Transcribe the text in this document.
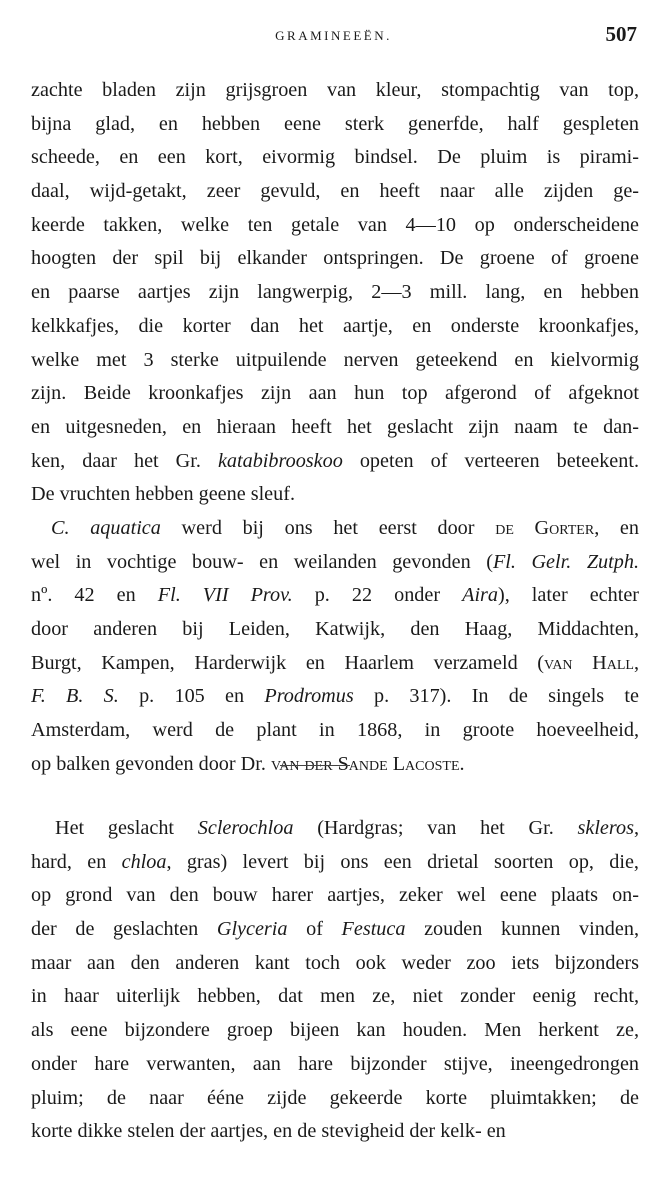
GRAMINEEËN.	507
zachte bladen zijn grijsgroen van kleur, stompachtig van top,
bijna glad, en hebben eene sterk generfde, half gespleten
scheede, en een kort, eivormig bindsel. De pluim is pirami-
daal, wijd-getakt, zeer gevuld, en heeft naar alle zijden ge-
keerde takken, welke ten getale van 4—10 op onderscheidene
hoogten der spil bij elkander ontspringen. De groene of groene
en paarse aartjes zijn langwerpig, 2—3 mill. lang, en hebben
kelkkafjes, die korter dan het aartje, en onderste kroonkafjes,
welke met 3 sterke uitpuilende nerven geteekend en kielvormig
zijn. Beide kroonkafjes zijn aan hun top afgerond of afgeknot
en uitgesneden, en hieraan heeft het geslacht zijn naam te dan-
ken, daar het Gr. katabibrooskoo opeten of verteeren beteekent.
De vruchten hebben geene sleuf.
C. aquatica werd bij ons het eerst door de Gorter, en
wel in vochtige bouw- en weilanden gevonden (Fl. Gelr. Zutph.
nº. 42 en Fl. VII Prov. p. 22 onder Aira), later echter
door anderen bij Leiden, Katwijk, den Haag, Middachten,
Burgt, Kampen, Harderwijk en Haarlem verzameld (van Hall,
F. B. S. p. 105 en Prodromus p. 317). In de singels te
Amsterdam, werd de plant in 1868, in groote hoeveelheid,
op balken gevonden door Dr. van der Sande Lacoste.
Het geslacht Sclerochloa (Hardgras; van het Gr. skleros,
hard, en chloa, gras) levert bij ons een drietal soorten op, die,
op grond van den bouw harer aartjes, zeker wel eene plaats on-
der de geslachten Glyceria of Festuca zouden kunnen vinden,
maar aan den anderen kant toch ook weder zoo iets bijzonders
in haar uiterlijk hebben, dat men ze, niet zonder eenig recht,
als eene bijzondere groep bijeen kan houden. Men herkent ze,
onder hare verwanten, aan hare bijzonder stijve, ineengedrongen
pluim; de naar ééne zijde gekeerde korte pluimtakken; de
korte dikke stelen der aartjes, en de stevigheid der kelk- en
